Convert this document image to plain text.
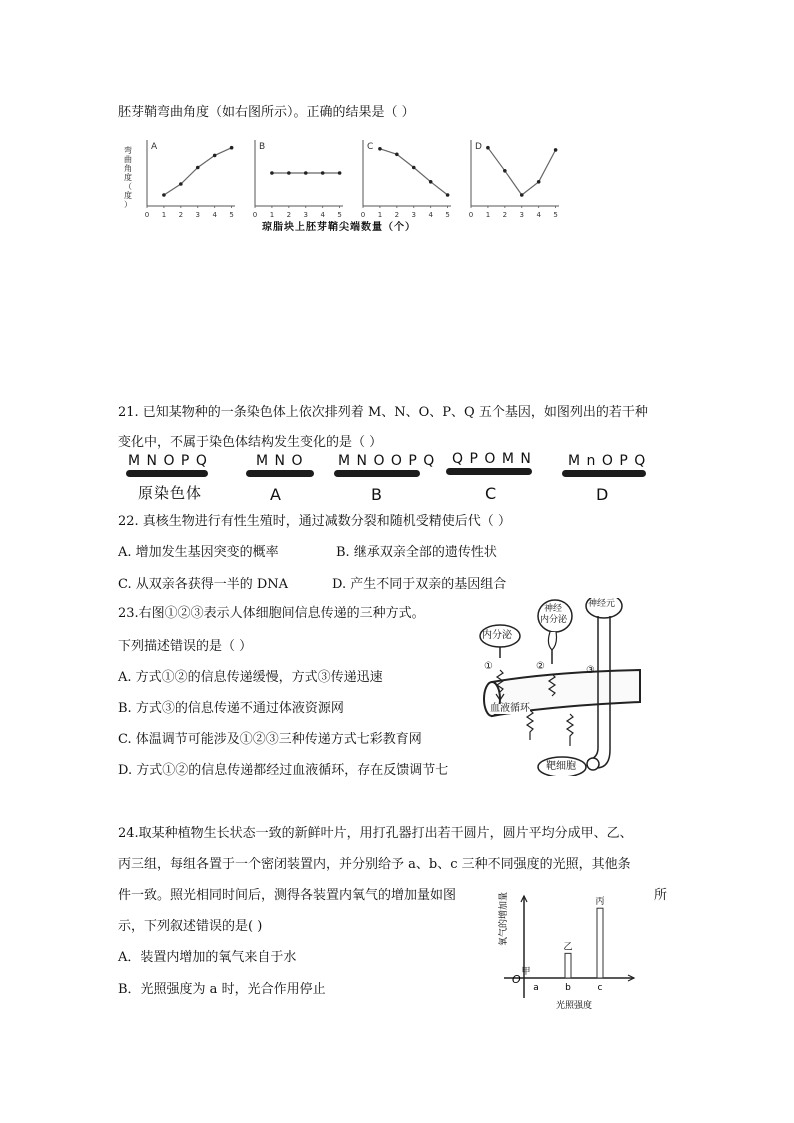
胚芽鞘弯曲角度（如右图所示）。正确的结果是（ ）
弯
曲
角
度
（
度
）
A
0 1 2 3 4 5
B
0 1 2 3 4 5
C
0 1 2 3 4 5
D
0 1 2 3 4 5
琼脂块上胚芽鞘尖端数量（个）
21. 已知某物种的一条染色体上依次排列着 M、N、O、P、Q 五个基因，如图列出的若干种
变化中，不属于染色体结构发生变化的是（ ）
M N O P Q
原染色体
M N O
A
M N O O P Q
B
Q P O M N
C
M n O P Q
D
22. 真核生物进行有性生殖时，通过减数分裂和随机受精使后代（ ）
A. 增加发生基因突变的概率	B. 继承双亲全部的遗传性状
C. 从双亲各获得一半的 DNA	D. 产生不同于双亲的基因组合
23.右图①②③表示人体细胞间信息传递的三种方式。
下列描述错误的是（ ）
A. 方式①②的信息传递缓慢，方式③传递迅速
B. 方式③的信息传递不通过体液资源网
C. 体温调节可能涉及①②③三种传递方式七彩教育网
D. 方式①②的信息传递都经过血液循环，存在反馈调节七
内分泌
神经
内分泌
神经元
①	②	③
血液循环
靶细胞
24.取某种植物生长状态一致的新鲜叶片，用打孔器打出若干圆片，圆片平均分成甲、乙、
丙三组，每组各置于一个密闭装置内，并分别给予 a、b、c 三种不同强度的光照，其他条
件一致。照光相同时间后，测得各装置内氧气的增加量如图	所
示，下列叙述错误的是( )
A．装置内增加的氧气来自于水
B．光照强度为 a 时，光合作用停止
O
氧气的增加量
光照强度
a
甲
b
乙
c
丙
